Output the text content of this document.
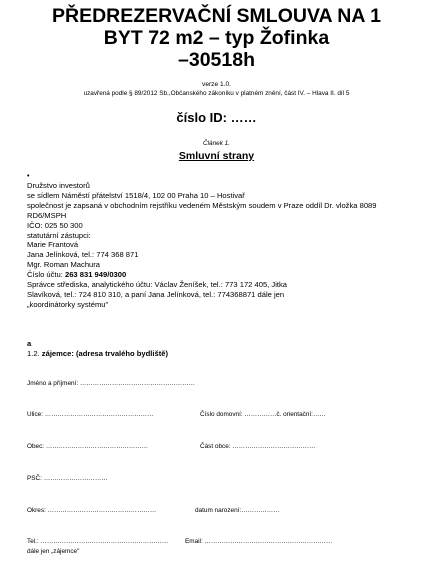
PŘEDREZERVAČNÍ SMLOUVA NA 1
BYT 72 m2 – typ Žofinka
–30518h
verze 1.0.
uzavřená podle § 89/2012 Sb.,Občanského zákoníku v platném znění, část IV. – Hlava II. díl 5
číslo ID: ……
Článek 1.
Smluvní strany
•
Družstvo investorů
se sídlem Náměstí přátelství 1518/4, 102 00 Praha 10 – Hostivař
společnost je zapsaná v obchodním rejstříku vedeném Městským soudem v Praze oddíl Dr. vložka 8089 RD6/MSPH
IČO: 025 50 300
statutární zástupci:
Marie Frantová
Jana Jelínková, tel.: 774 368 871
Mgr. Roman Machura
Číslo účtu: 263 831 949/0300
Správce střediska, analytického účtu: Václav Ženíšek, tel.: 773 172 405, Jitka
Slavíková, tel.: 724 810 310, a paní Jana Jelínková, tel.: 774368871 dále jen
„koordinátorky systému"
a
1.2. zájemce: (adresa trvalého bydliště)
Jméno a příjmení: ………………………………………………
Ulice: ……………………………………………	Číslo domovní: ……………č. orientační:……
Obec: …………………………………………	Část obce: …………………………………
PSČ: …………………………
Okres: ……………………………………………	datum narození:………………
Tel.: ……………………………………………………	Email: ……………………………………………………
dále jen „zájemce"
